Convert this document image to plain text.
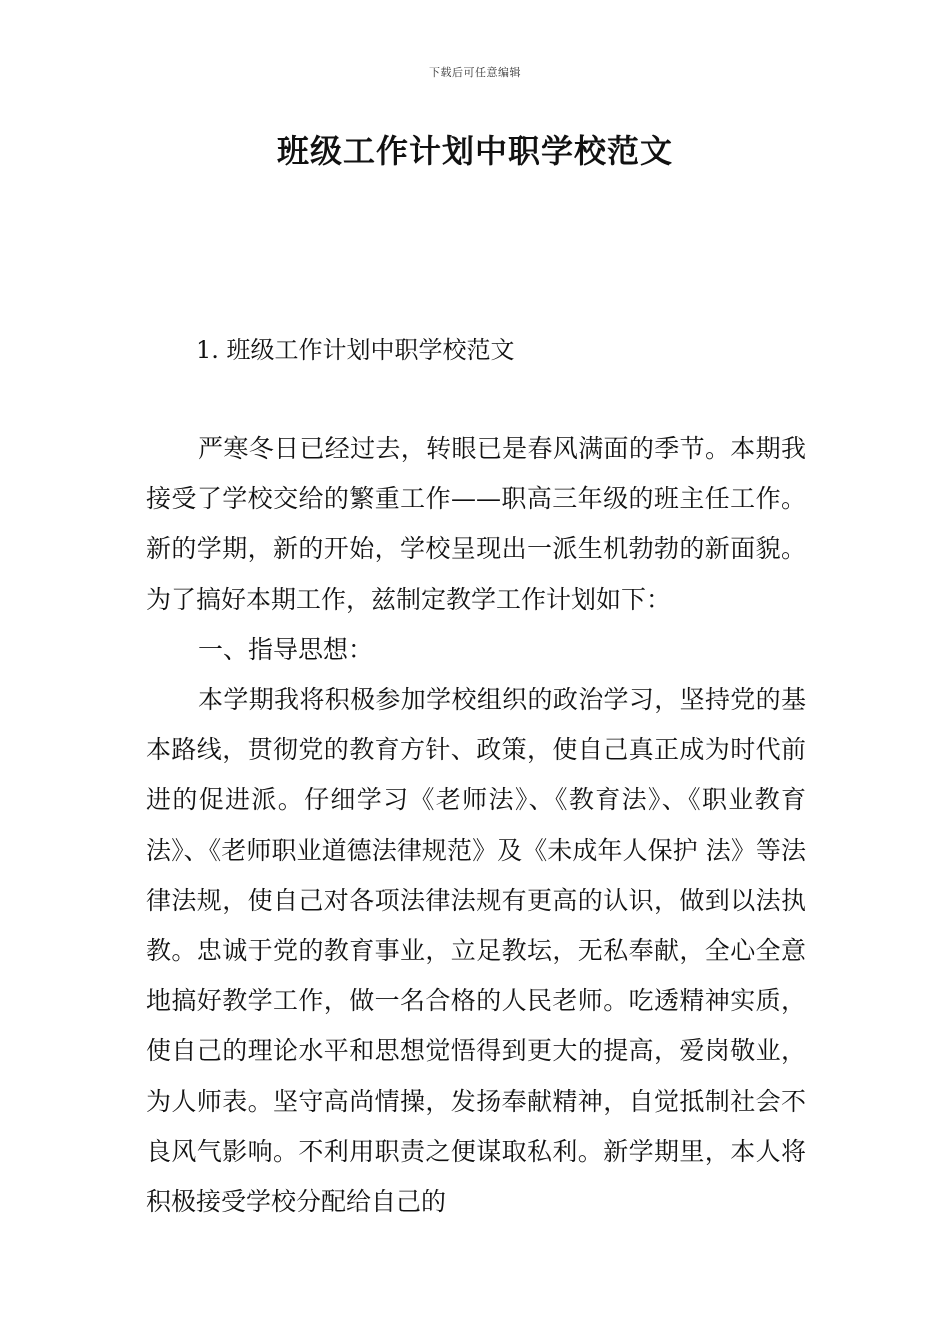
下载后可任意编辑
班级工作计划中职学校范文
1. 班级工作计划中职学校范文

严寒冬日已经过去，转眼已是春风满面的季节。本期我接受了学校交给的繁重工作——职高三年级的班主任工作。新的学期，新的开始，学校呈现出一派生机勃勃的新面貌。为了搞好本期工作，兹制定教学工作计划如下：

一、指导思想：

本学期我将积极参加学校组织的政治学习，坚持党的基本路线，贯彻党的教育方针、政策，使自己真正成为时代前进的促进派。仔细学习《老师法》、《教育法》、《职业教育法》、《老师职业道德法律规范》及《未成年人保护 法》等法律法规，使自己对各项法律法规有更高的认识，做到以法执教。忠诚于党的教育事业，立足教坛，无私奉献，全心全意地搞好教学工作，做一名合格的人民老师。吃透精神实质，使自己的理论水平和思想觉悟得到更大的提高，爱岗敬业，为人师表。坚守高尚情操，发扬奉献精神，自觉抵制社会不良风气影响。不利用职责之便谋取私利。新学期里，本人将积极接受学校分配给自己的
